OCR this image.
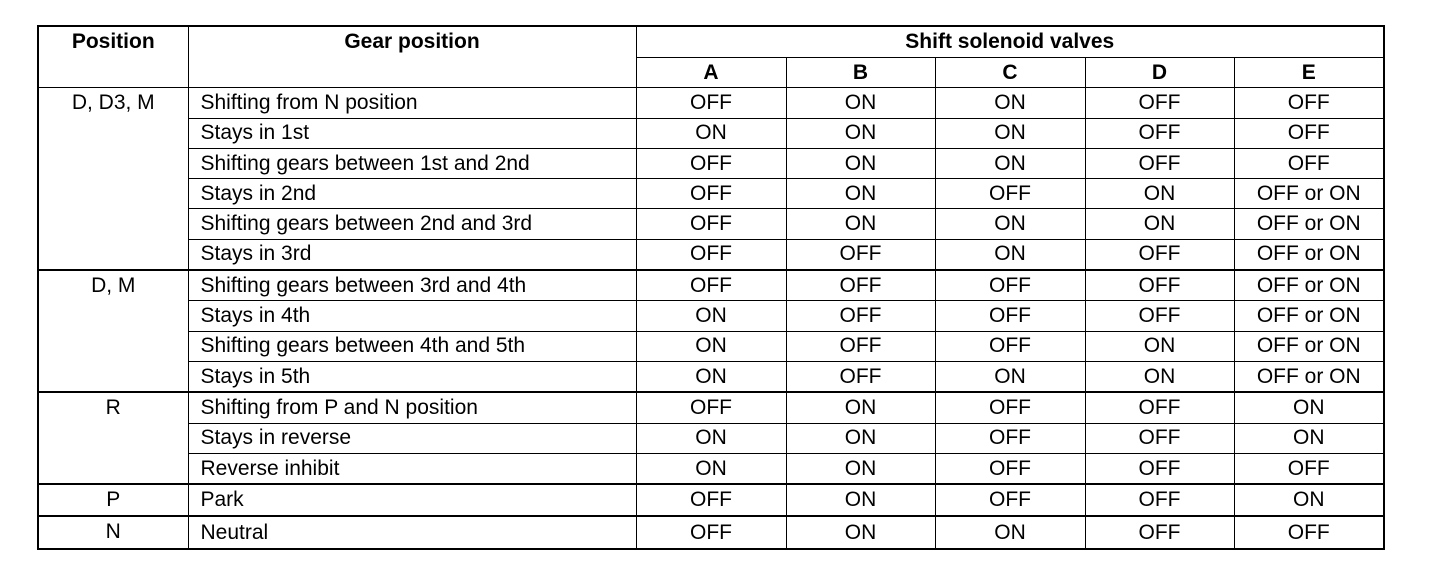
Position	Gear position	Shift solenoid valves				
		A	B	C	D	E
D, D3, M	Shifting from N position	OFF	ON	ON	OFF	OFF
	Stays in 1st	ON	ON	ON	OFF	OFF
	Shifting gears between 1st and 2nd	OFF	ON	ON	OFF	OFF
	Stays in 2nd	OFF	ON	OFF	ON	OFF or ON
	Shifting gears between 2nd and 3rd	OFF	ON	ON	ON	OFF or ON
	Stays in 3rd	OFF	OFF	ON	OFF	OFF or ON
D, M	Shifting gears between 3rd and 4th	OFF	OFF	OFF	OFF	OFF or ON
	Stays in 4th	ON	OFF	OFF	OFF	OFF or ON
	Shifting gears between 4th and 5th	ON	OFF	OFF	ON	OFF or ON
	Stays in 5th	ON	OFF	ON	ON	OFF or ON
R	Shifting from P and N position	OFF	ON	OFF	OFF	ON
	Stays in reverse	ON	ON	OFF	OFF	ON
	Reverse inhibit	ON	ON	OFF	OFF	OFF
P	Park	OFF	ON	OFF	OFF	ON
N	Neutral	OFF	ON	ON	OFF	OFF
